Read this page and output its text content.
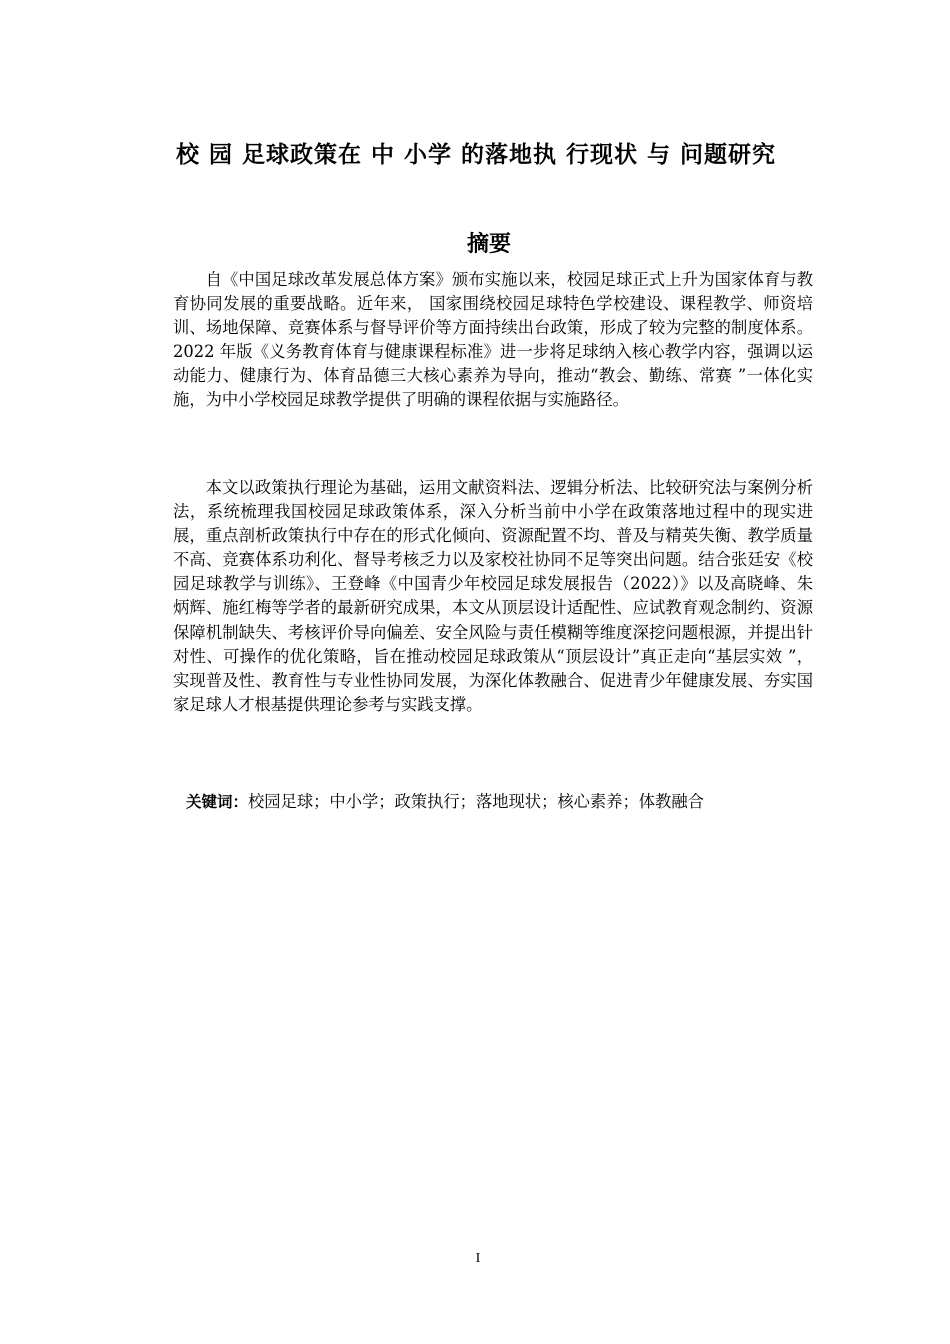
校 园 足球政策在 中 小学 的落地执 行现状 与 问题研究
摘要

自《中国足球改革发展总体方案》颁布实施以来，校园足球正式上升为国家体育与教育协同发展的重要战略。近年来， 国家围绕校园足球特色学校建设、课程教学、师资培训、场地保障、竞赛体系与督导评价等方面持续出台政策，形成了较为完整的制度体系。2022 年版《义务教育体育与健康课程标准》进一步将足球纳入核心教学内容，强调以运动能力、健康行为、体育品德三大核心素养为导向，推动“教会、勤练、常赛 ”一体化实施，为中小学校园足球教学提供了明确的课程依据与实施路径。

本文以政策执行理论为基础，运用文献资料法、逻辑分析法、比较研究法与案例分析法，系统梳理我国校园足球政策体系，深入分析当前中小学在政策落地过程中的现实进展，重点剖析政策执行中存在的形式化倾向、资源配置不均、普及与精英失衡、教学质量不高、竞赛体系功利化、督导考核乏力以及家校社协同不足等突出问题。结合张廷安《校园足球教学与训练》、王登峰《中国青少年校园足球发展报告（2022）》以及高晓峰、朱炳辉、施红梅等学者的最新研究成果，本文从顶层设计适配性、应试教育观念制约、资源保障机制缺失、考核评价导向偏差、安全风险与责任模糊等维度深挖问题根源，并提出针对性、可操作的优化策略，旨在推动校园足球政策从“顶层设计”真正走向“基层实效 ”，实现普及性、教育性与专业性协同发展，为深化体教融合、促进青少年健康发展、夯实国家足球人才根基提供理论参考与实践支撑。

关键词：校园足球；中小学；政策执行；落地现状；核心素养；体教融合

I
